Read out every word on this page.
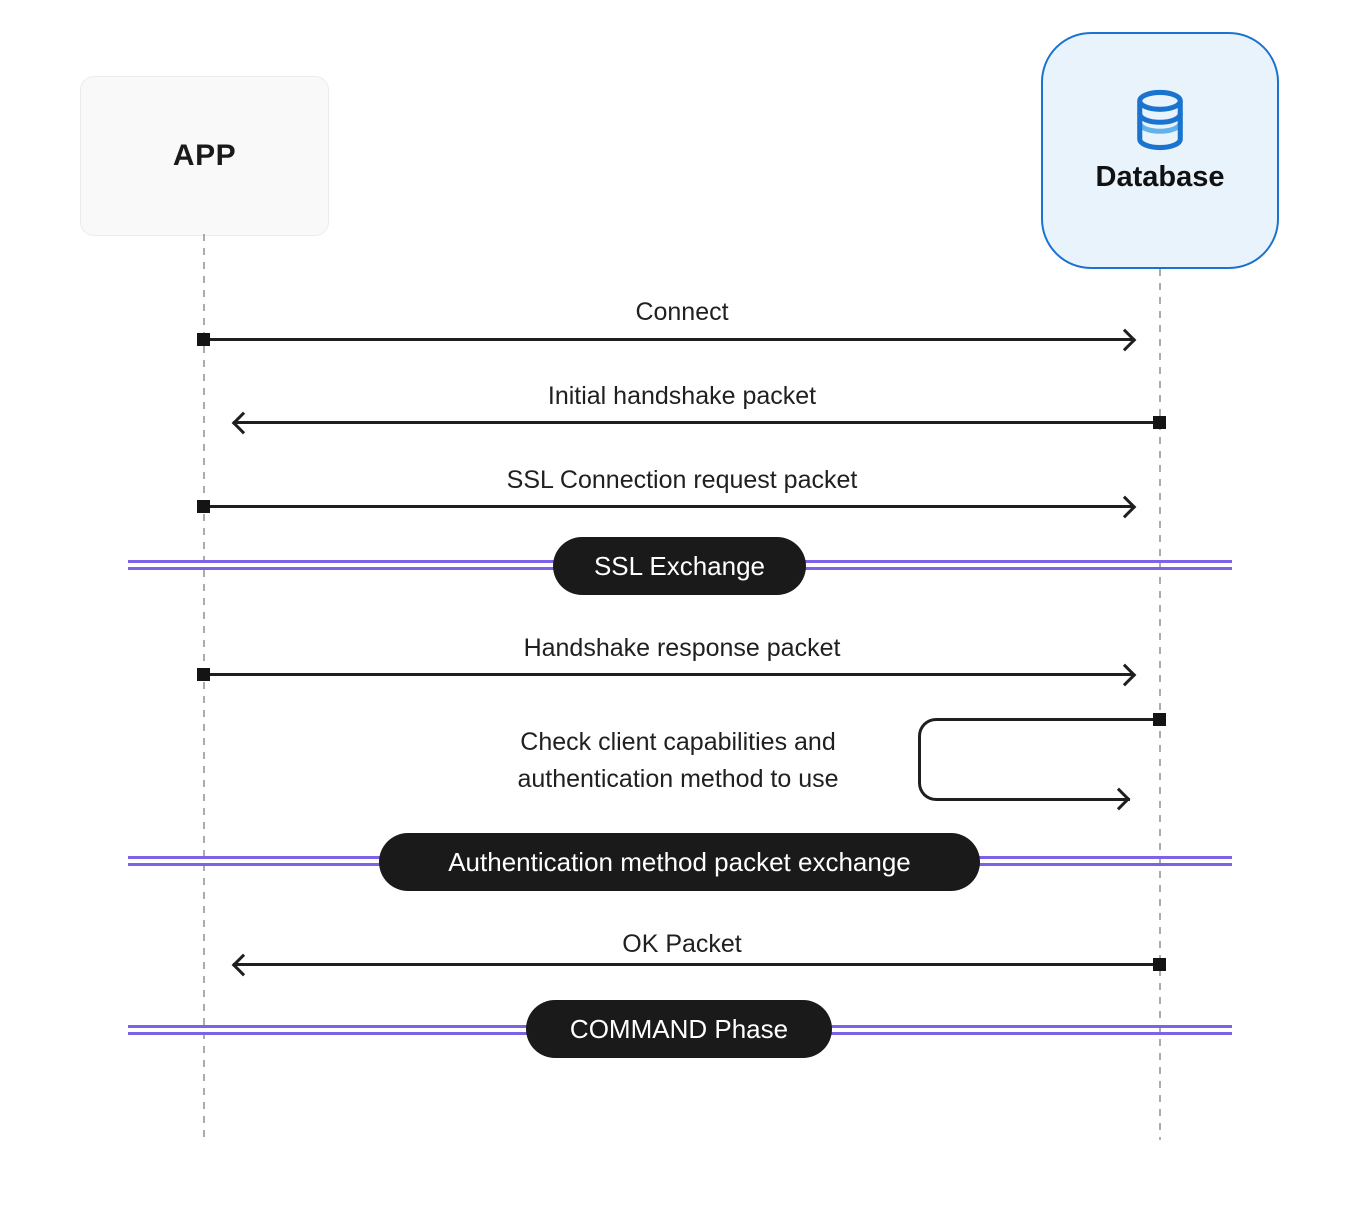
APP
Database
Connect
Initial handshake packet
SSL Connection request packet
SSL Exchange
Handshake response packet
Check client capabilities and
authentication method to use
Authentication method packet exchange
OK Packet
COMMAND Phase
